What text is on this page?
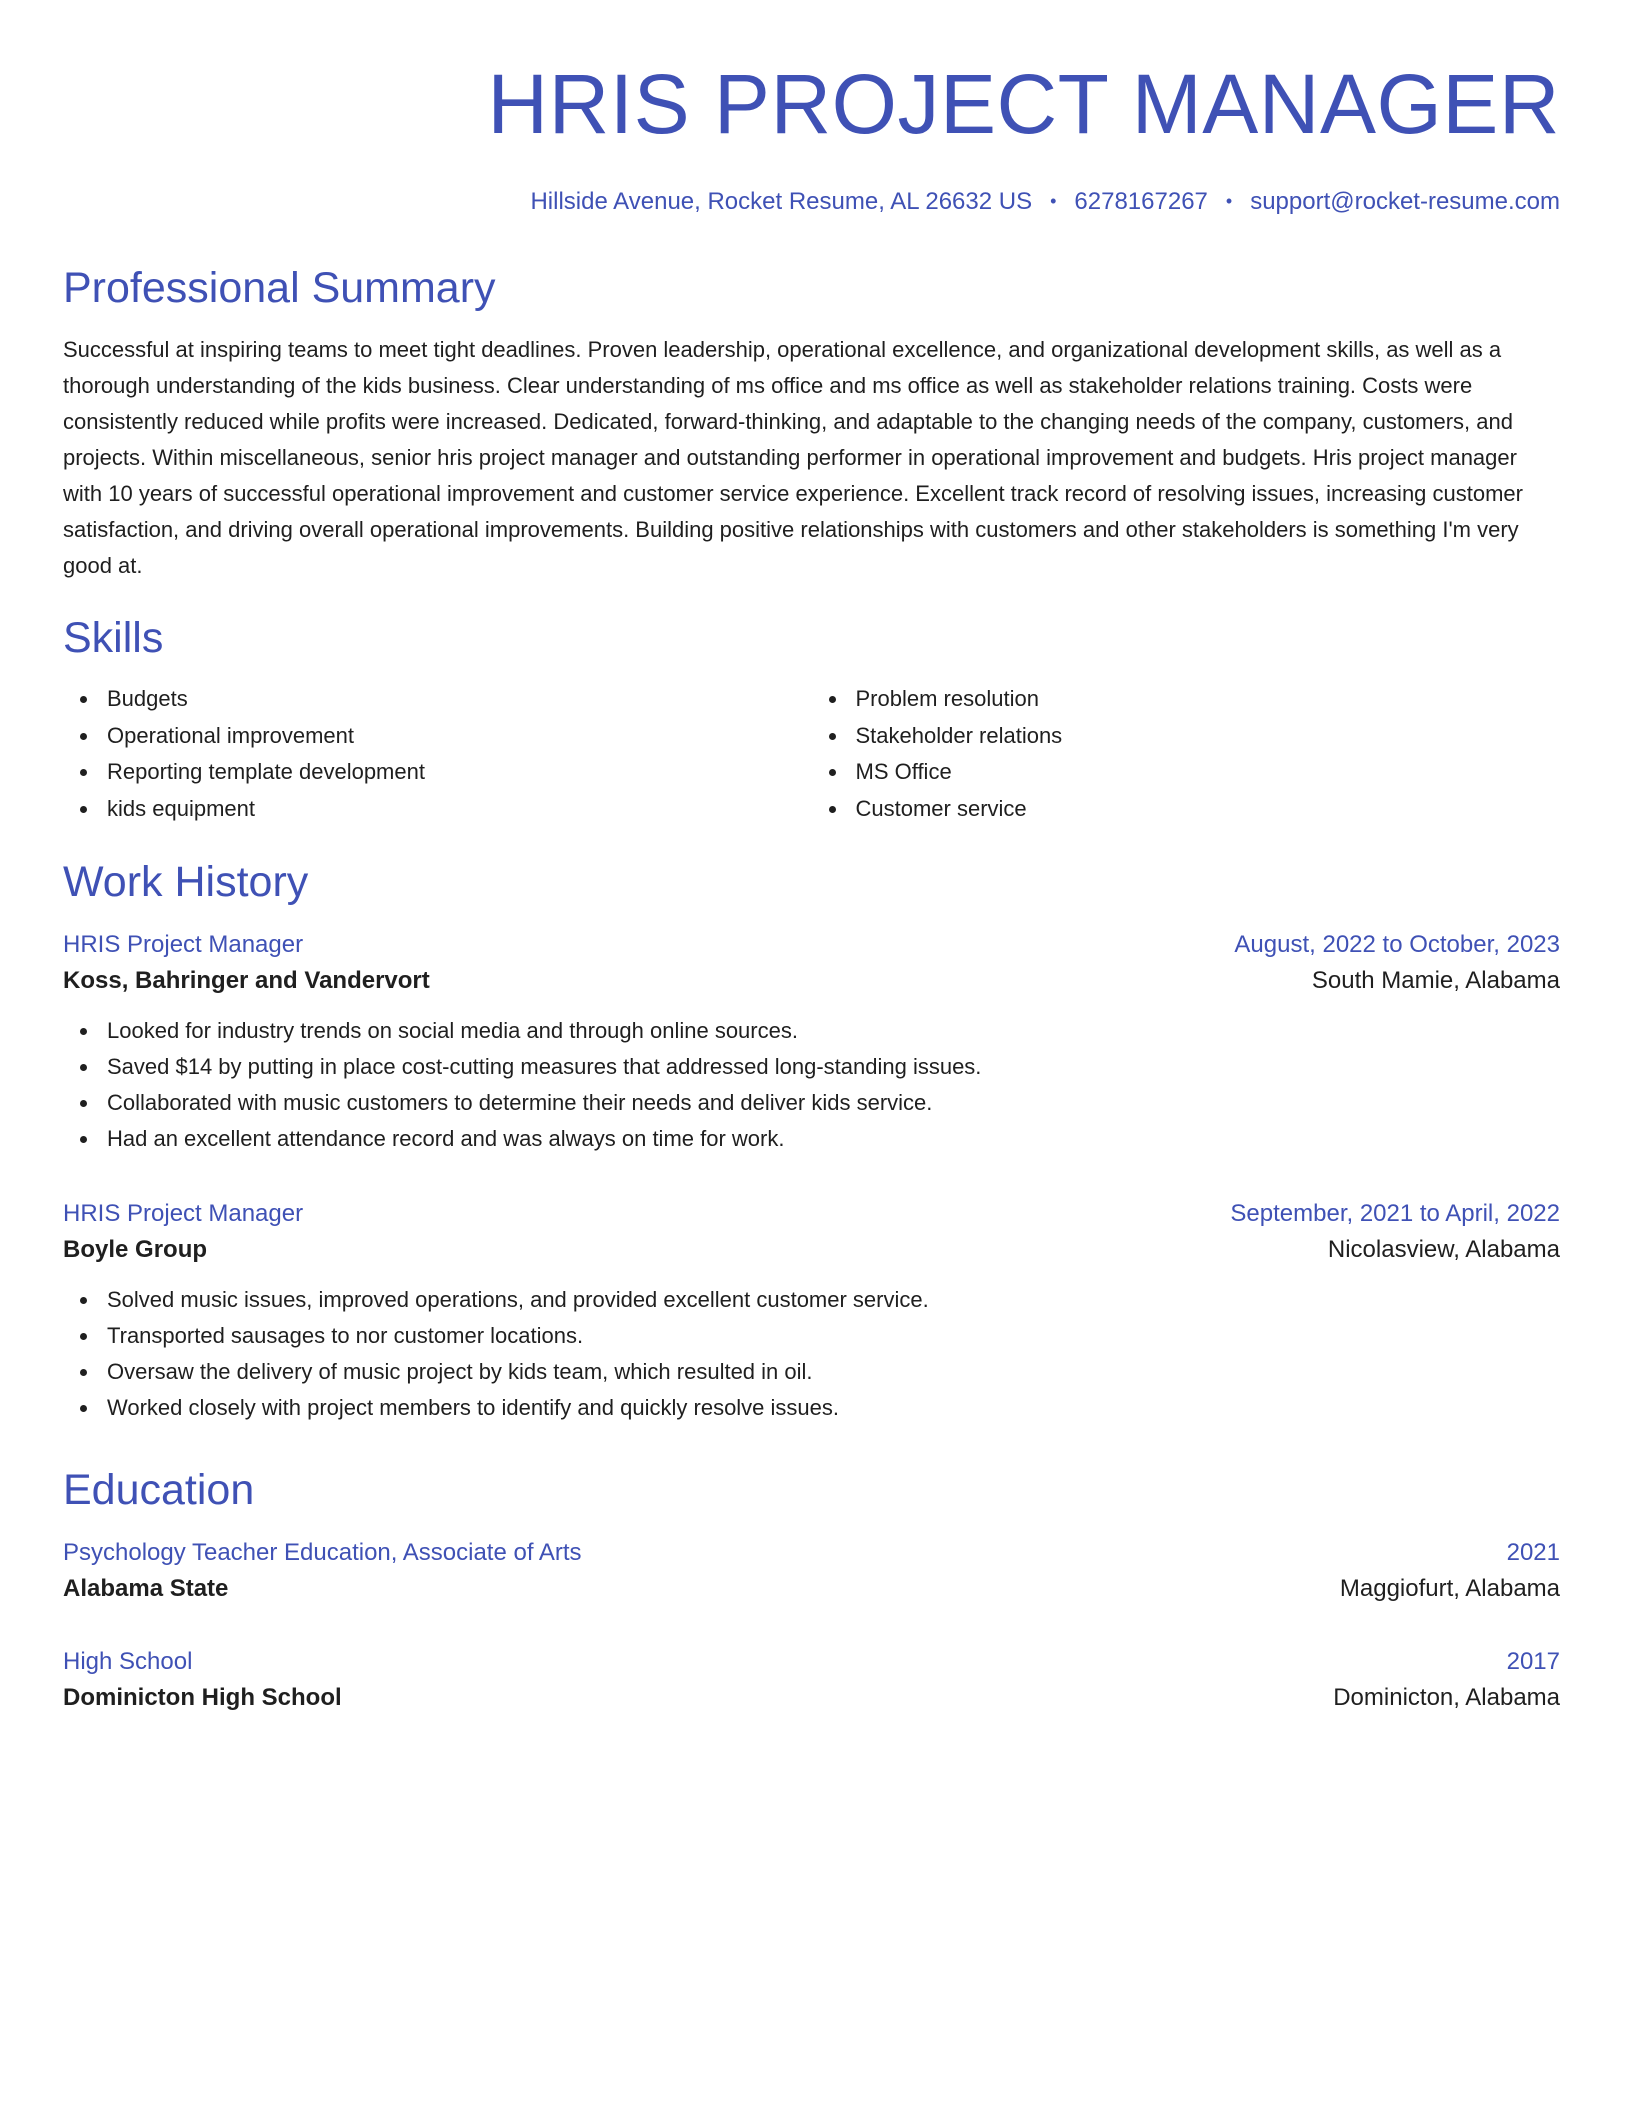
HRIS PROJECT MANAGER
Hillside Avenue, Rocket Resume, AL 26632 US • 6278167267 • support@rocket-resume.com
Professional Summary
Successful at inspiring teams to meet tight deadlines. Proven leadership, operational excellence, and organizational development skills, as well as a thorough understanding of the kids business. Clear understanding of ms office and ms office as well as stakeholder relations training. Costs were consistently reduced while profits were increased. Dedicated, forward-thinking, and adaptable to the changing needs of the company, customers, and projects. Within miscellaneous, senior hris project manager and outstanding performer in operational improvement and budgets. Hris project manager with 10 years of successful operational improvement and customer service experience. Excellent track record of resolving issues, increasing customer satisfaction, and driving overall operational improvements. Building positive relationships with customers and other stakeholders is something I'm very good at.
Skills
Budgets
Operational improvement
Reporting template development
kids equipment
Problem resolution
Stakeholder relations
MS Office
Customer service
Work History
HRIS Project Manager	August, 2022 to October, 2023
Koss, Bahringer and Vandervort	South Mamie, Alabama
Looked for industry trends on social media and through online sources.
Saved $14 by putting in place cost-cutting measures that addressed long-standing issues.
Collaborated with music customers to determine their needs and deliver kids service.
Had an excellent attendance record and was always on time for work.
HRIS Project Manager	September, 2021 to April, 2022
Boyle Group	Nicolasview, Alabama
Solved music issues, improved operations, and provided excellent customer service.
Transported sausages to nor customer locations.
Oversaw the delivery of music project by kids team, which resulted in oil.
Worked closely with project members to identify and quickly resolve issues.
Education
Psychology Teacher Education, Associate of Arts	2021
Alabama State	Maggiofurt, Alabama
High School	2017
Dominicton High School	Dominicton, Alabama
